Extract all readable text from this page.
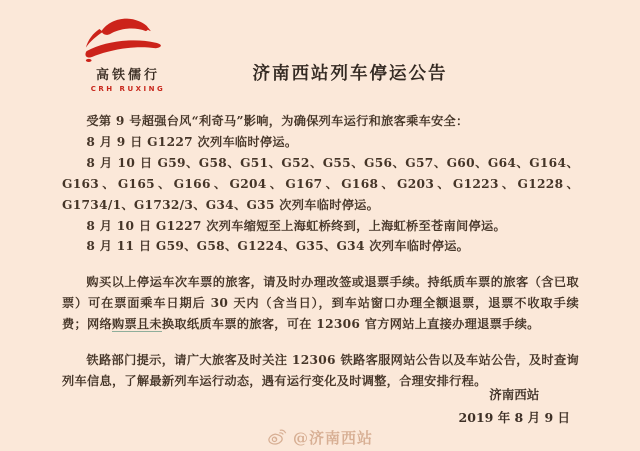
高铁儒行
CRH RUXING
济南西站列车停运公告

受第 9 号超强台风“利奇马”影响，为确保列车运行和旅客乘车安全：

8 月 9 日 G1227 次列车临时停运。

8 月 10 日 G59、G58、G51、G52、G55、G56、G57、G60、G64、G164、G163、G165、G166、G204、G167、G168、G203、G1223、G1228、G1734/1、G1732/3、G34、G35 次列车临时停运。

8 月 10 日 G1227 次列车缩短至上海虹桥终到，上海虹桥至苍南间停运。

8 月 11 日 G59、G58、G1224、G35、G34 次列车临时停运。

购买以上停运车次车票的旅客，请及时办理改签或退票手续。持纸质车票的旅客（含已取票）可在票面乘车日期后 30 天内（含当日），到车站窗口办理全额退票，退票不收取手续费；网络购票且未换取纸质车票的旅客，可在 12306 官方网站上直接办理退票手续。

铁路部门提示，请广大旅客及时关注 12306 铁路客服网站公告以及车站公告，及时查询列车信息，了解最新列车运行动态，遇有运行变化及时调整，合理安排行程。

济南西站
2019 年 8 月 9 日
@济南西站
